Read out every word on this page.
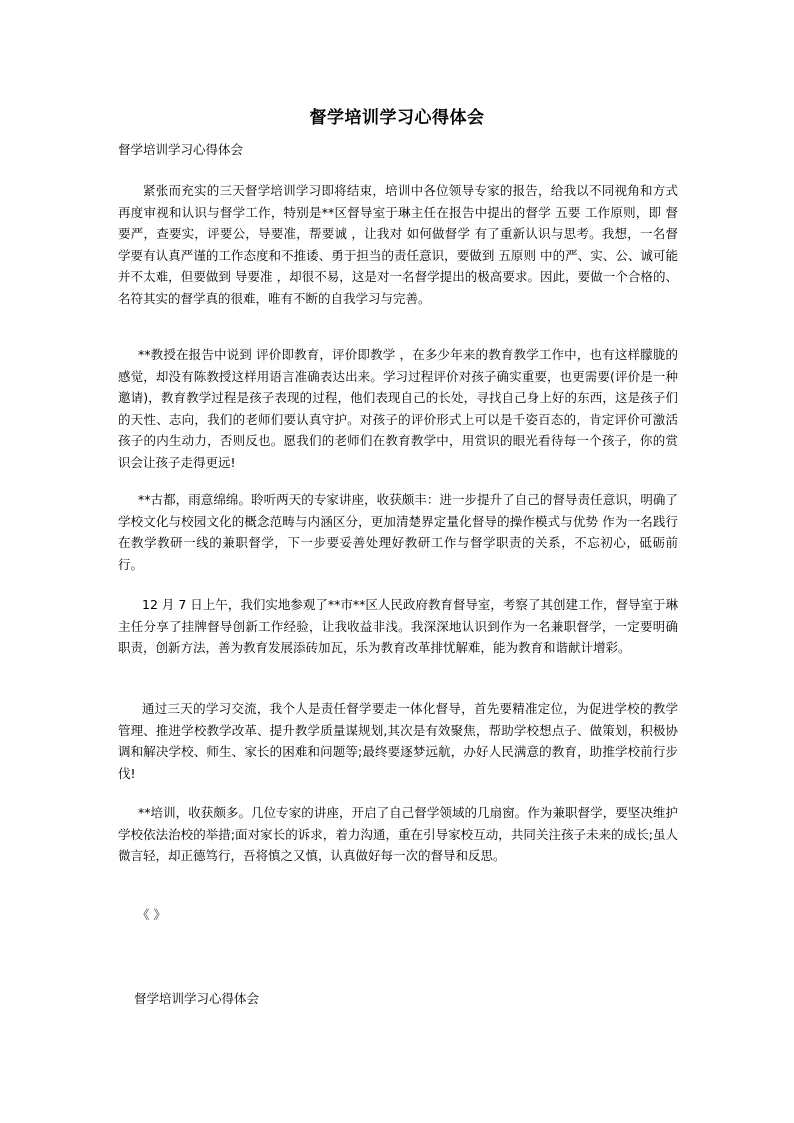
督学培训学习心得体会
督学培训学习心得体会

紧张而充实的三天督学培训学习即将结束，培训中各位领导专家的报告，给我以不同视角和方式再度审视和认识与督学工作，特别是**区督导室于琳主任在报告中提出的督学 五要 工作原则，即 督要严，查要实，评要公，导要准，帮要诚 ，让我对 如何做督学 有了重新认识与思考。我想，一名督学要有认真严谨的工作态度和不推诿、勇于担当的责任意识，要做到 五原则 中的严、实、公、诚可能并不太难，但要做到 导要准 ，却很不易，这是对一名督学提出的极高要求。因此，要做一个合格的、名符其实的督学真的很难，唯有不断的自我学习与完善。

**教授在报告中说到 评价即教育，评价即教学 ，在多少年来的教育教学工作中，也有这样朦胧的感觉，却没有陈教授这样用语言准确表达出来。学习过程评价对孩子确实重要，也更需要(评价是一种邀请)，教育教学过程是孩子表现的过程，他们表现自己的长处，寻找自己身上好的东西，这是孩子们的天性、志向，我们的老师们要认真守护。对孩子的评价形式上可以是千姿百态的，肯定评价可激活孩子的内生动力，否则反也。愿我们的老师们在教育教学中，用赏识的眼光看待每一个孩子，你的赏识会让孩子走得更远!

**古都，雨意绵绵。聆听两天的专家讲座，收获颇丰：进一步提升了自己的督导责任意识，明确了学校文化与校园文化的概念范畴与内涵区分，更加清楚界定量化督导的操作模式与优势 作为一名践行在教学教研一线的兼职督学，下一步要妥善处理好教研工作与督学职责的关系，不忘初心，砥砺前行。

12 月 7 日上午，我们实地参观了**市**区人民政府教育督导室，考察了其创建工作，督导室于琳主任分享了挂牌督导创新工作经验，让我收益非浅。我深深地认识到作为一名兼职督学，一定要明确职责，创新方法，善为教育发展添砖加瓦，乐为教育改革排忧解难，能为教育和谐献计增彩。

通过三天的学习交流，我个人是责任督学要走一体化督导，首先要精准定位，为促进学校的教学管理、推进学校教学改革、提升教学质量谋规划,其次是有效聚焦，帮助学校想点子、做策划，积极协调和解决学校、师生、家长的困难和问题等;最终要逐梦远航，办好人民满意的教育，助推学校前行步伐!

**培训，收获颇多。几位专家的讲座，开启了自己督学领域的几扇窗。作为兼职督学，要坚决维护学校依法治校的举措;面对家长的诉求，着力沟通，重在引导家校互动，共同关注孩子未来的成长;虽人微言轻，却正德笃行，吾将慎之又慎，认真做好每一次的督导和反思。

《 》
督学培训学习心得体会
